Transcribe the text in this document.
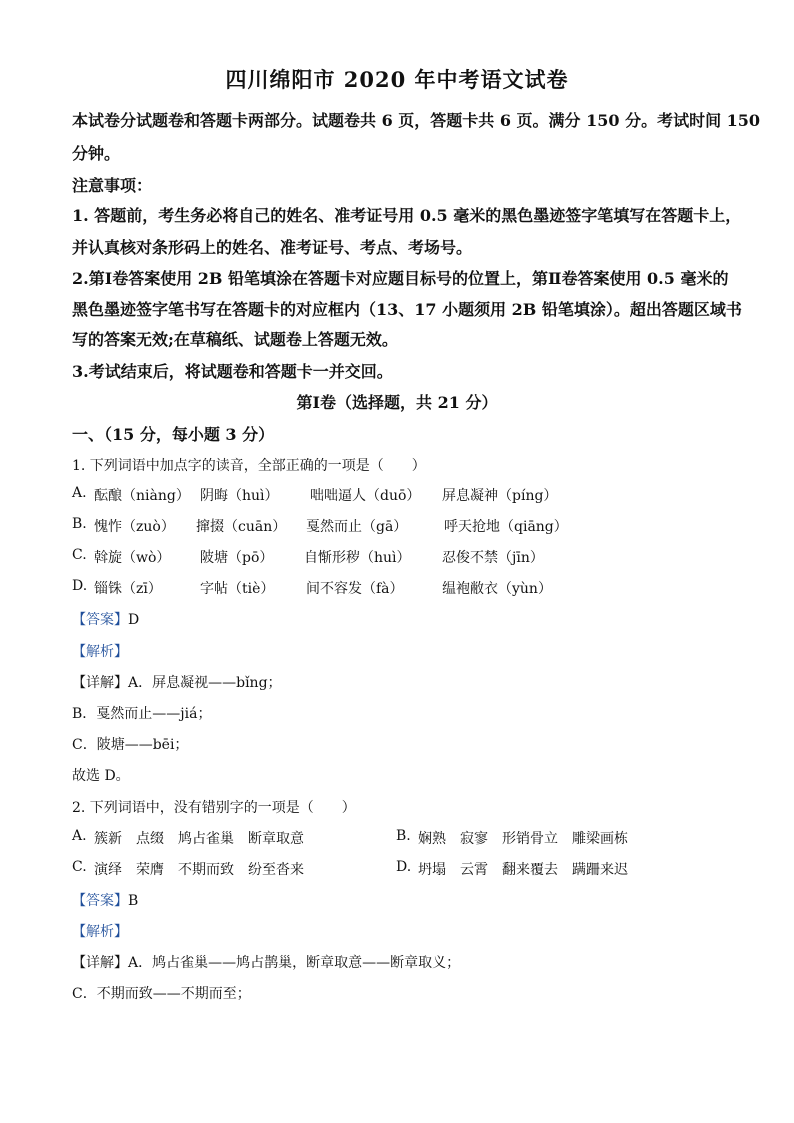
四川绵阳市 2020 年中考语文试卷
本试卷分试题卷和答题卡两部分。试题卷共 6 页，答题卡共 6 页。满分 150 分。考试时间 150
分钟。
注意事项：
1. 答题前，考生务必将自己的姓名、准考证号用 0.5 毫米的黑色墨迹签字笔填写在答题卡上，
并认真核对条形码上的姓名、准考证号、考点、考场号。
2.第Ⅰ卷答案使用 2B 铅笔填涂在答题卡对应题目标号的位置上，第Ⅱ卷答案使用 0.5 毫米的
黑色墨迹签字笔书写在答题卡的对应框内（13、17 小题须用 2B 铅笔填涂）。超出答题区域书
写的答案无效;在草稿纸、试题卷上答题无效。
3.考试结束后，将试题卷和答题卡一并交回。
第Ⅰ卷（选择题，共 21 分）
一、（15 分，每小题 3 分）
1. 下列词语中加点字的读音，全部正确的一项是（　　）
A. 酝酿（niàng） 阴晦（huì） 咄咄逼人（duō） 屏息凝神（píng）
B. 愧怍（zuò） 撺掇（cuān） 戛然而止（gā）	呼天抢地（qiāng）
C. 斡旋（wò） 陂塘（pō） 自惭形秽（huì） 忍俊不禁（jīn）
D. 锱铢（zī）	字帖（tiè） 间不容发（fà）	缊袍敝衣（yùn）
【答案】D
【解析】
【详解】A．屏息凝视——bǐng；
B．戛然而止——jiá；
C．陂塘——bēi；
故选 D。
2. 下列词语中，没有错别字的一项是（　　）
A. 簇新　点缀　鸠占雀巢　断章取意	B. 娴熟　寂寥　形销骨立　雕梁画栋
C. 演绎　荣膺　不期而致　纷至沓来	D. 坍塌　云霄　翻来覆去　蹒跚来迟
【答案】B
【解析】
【详解】A．鸠占雀巢——鸠占鹊巢，断章取意——断章取义；
C．不期而致——不期而至；
